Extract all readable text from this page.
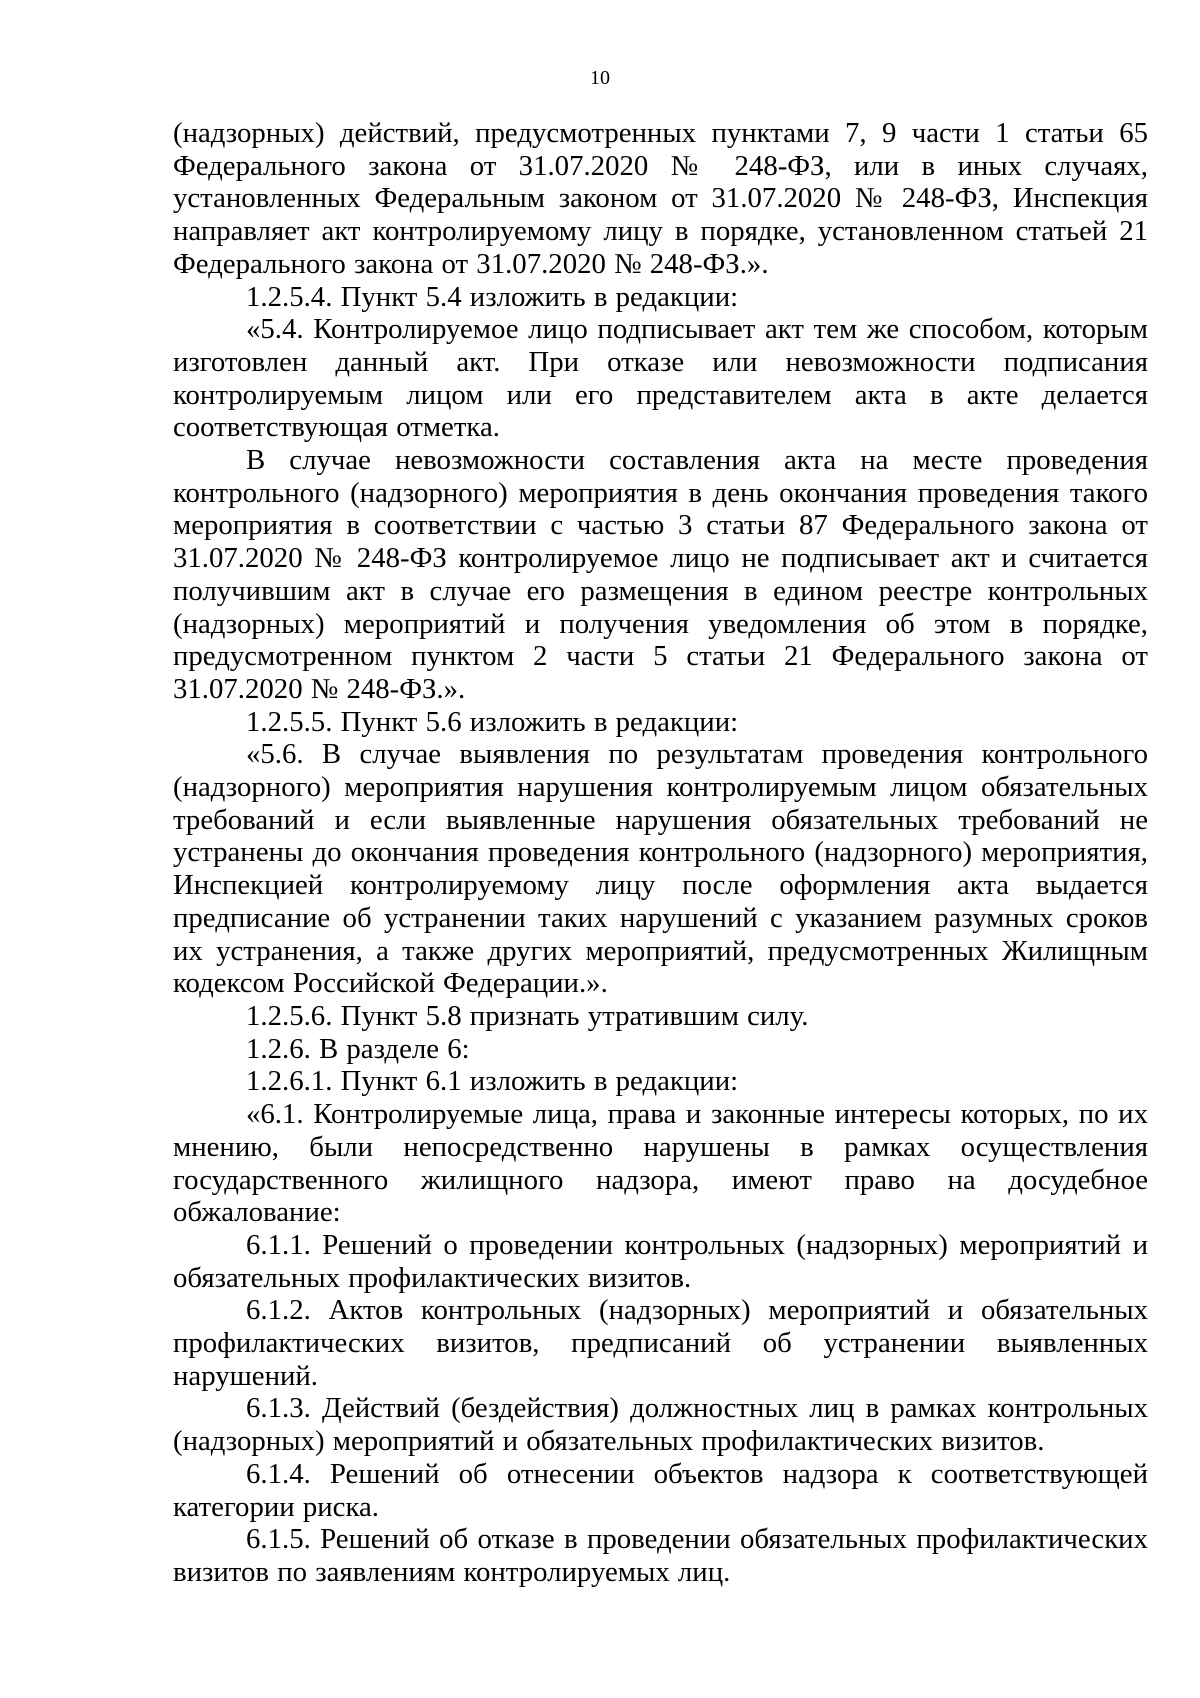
10

(надзорных) действий, предусмотренных пунктами 7, 9 части 1 статьи 65 Федерального закона от 31.07.2020 № 248-ФЗ, или в иных случаях, установленных Федеральным законом от 31.07.2020 № 248-ФЗ, Инспекция направляет акт контролируемому лицу в порядке, установленном статьей 21 Федерального закона от 31.07.2020 № 248-ФЗ.».

1.2.5.4. Пункт 5.4 изложить в редакции:

«5.4. Контролируемое лицо подписывает акт тем же способом, которым изготовлен данный акт. При отказе или невозможности подписания контролируемым лицом или его представителем акта в акте делается соответствующая отметка.

В случае невозможности составления акта на месте проведения контрольного (надзорного) мероприятия в день окончания проведения такого мероприятия в соответствии с частью 3 статьи 87 Федерального закона от 31.07.2020 № 248-ФЗ контролируемое лицо не подписывает акт и считается получившим акт в случае его размещения в едином реестре контрольных (надзорных) мероприятий и получения уведомления об этом в порядке, предусмотренном пунктом 2 части 5 статьи 21 Федерального закона от 31.07.2020 № 248-ФЗ.».

1.2.5.5. Пункт 5.6 изложить в редакции:

«5.6. В случае выявления по результатам проведения контрольного (надзорного) мероприятия нарушения контролируемым лицом обязательных требований и если выявленные нарушения обязательных требований не устранены до окончания проведения контрольного (надзорного) мероприятия, Инспекцией контролируемому лицу после оформления акта выдается предписание об устранении таких нарушений с указанием разумных сроков их устранения, а также других мероприятий, предусмотренных Жилищным кодексом Российской Федерации.».

1.2.5.6. Пункт 5.8 признать утратившим силу.

1.2.6. В разделе 6:

1.2.6.1. Пункт 6.1 изложить в редакции:

«6.1. Контролируемые лица, права и законные интересы которых, по их мнению, были непосредственно нарушены в рамках осуществления государственного жилищного надзора, имеют право на досудебное обжалование:

6.1.1. Решений о проведении контрольных (надзорных) мероприятий и обязательных профилактических визитов.

6.1.2. Актов контрольных (надзорных) мероприятий и обязательных профилактических визитов, предписаний об устранении выявленных нарушений.

6.1.3. Действий (бездействия) должностных лиц в рамках контрольных (надзорных) мероприятий и обязательных профилактических визитов.

6.1.4. Решений об отнесении объектов надзора к соответствующей категории риска.

6.1.5. Решений об отказе в проведении обязательных профилактических визитов по заявлениям контролируемых лиц.
